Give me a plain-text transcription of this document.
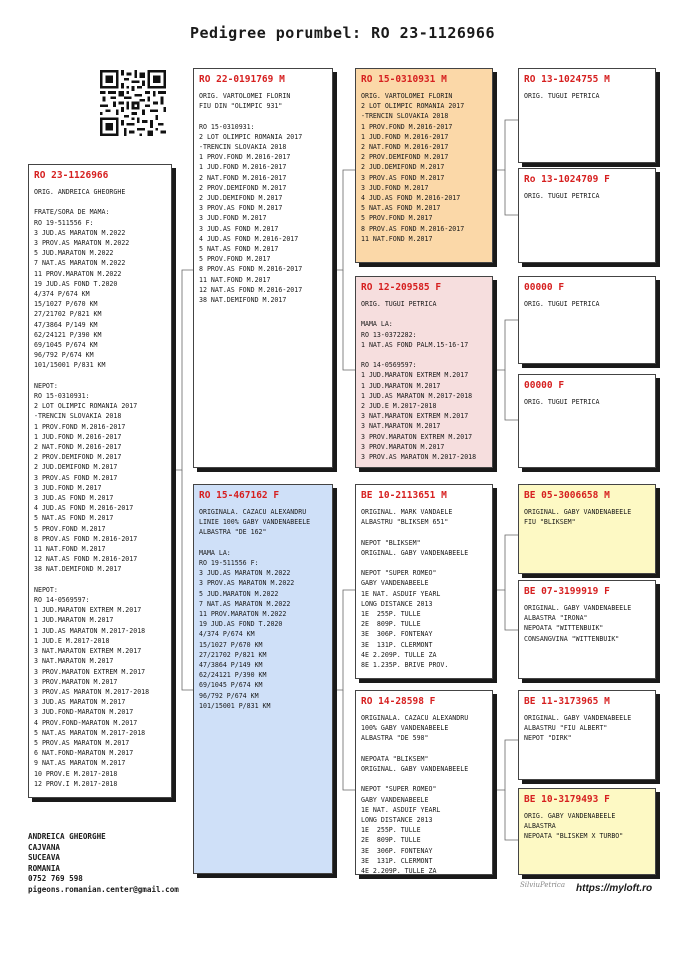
Pedigree porumbel: RO 23-1126966
RO 23-1126966
ORIG. ANDREICA GHEORGHE
FRATE/SORA DE MAMA:
RO 19-511556 F:
3 JUD.AS MARATON M.2022
3 PROV.AS MARATON M.2022
5 JUD.MARATON M.2022
7 NAT.AS MARATON M.2022
11 PROV.MARATON M.2022
19 JUD.AS FOND T.2020
4/374 P/674 KM
15/1027 P/670 KM
27/21702 P/821 KM
47/3864 P/149 KM
62/24121 P/390 KM
69/1045 P/674 KM
96/792 P/674 KM
101/15001 P/831 KM
NEPOT:
RO 15-0310931:
2 LOT OLIMPIC ROMANIA 2017
-TRENCIN SLOVAKIA 2018
1 PROV.FOND M.2016-2017
1 JUD.FOND M.2016-2017
2 NAT.FOND M.2016-2017
2 PROV.DEMIFOND M.2017
2 JUD.DEMIFOND M.2017
3 PROV.AS FOND M.2017
3 JUD.FOND M.2017
3 JUD.AS FOND M.2017
4 JUD.AS FOND M.2016-2017
5 NAT.AS FOND M.2017
5 PROV.FOND M.2017
8 PROV.AS FOND M.2016-2017
11 NAT.FOND M.2017
12 NAT.AS FOND M.2016-2017
38 NAT.DEMIFOND M.2017
NEPOT:
RO 14-0569597:
1 JUD.MARATON EXTREM M.2017
1 JUD.MARATON M.2017
1 JUD.AS MARATON M.2017-2018
1 JUD.E M.2017-2018
3 NAT.MARATON EXTREM M.2017
3 NAT.MARATON M.2017
3 PROV.MARATON EXTREM M.2017
3 PROV.MARATON M.2017
3 PROV.AS MARATON M.2017-2018
3 JUD.AS MARATON M.2017
3 JUD.FOND-MARATON M.2017
4 PROV.FOND-MARATON M.2017
5 NAT.AS MARATON M.2017-2018
5 PROV.AS MARATON M.2017
6 NAT.FOND-MARATON M.2017
9 NAT.AS MARATON M.2017
10 PROV.E M.2017-2018
12 PROV.I M.2017-2018
RO 22-0191769 M
ORIG. VARTOLOMEI FLORIN
FIU DIN "OLIMPIC 931"
RO 15-0310931:
2 LOT OLIMPIC ROMANIA 2017
-TRENCIN SLOVAKIA 2018
1 PROV.FOND M.2016-2017
1 JUD.FOND M.2016-2017
2 NAT.FOND M.2016-2017
2 PROV.DEMIFOND M.2017
2 JUD.DEMIFOND M.2017
3 PROV.AS FOND M.2017
3 JUD.FOND M.2017
3 JUD.AS FOND M.2017
4 JUD.AS FOND M.2016-2017
5 NAT.AS FOND M.2017
5 PROV.FOND M.2017
8 PROV.AS FOND M.2016-2017
11 NAT.FOND M.2017
12 NAT.AS FOND M.2016-2017
38 NAT.DEMIFOND M.2017
RO 15-467162 F
ORIGINALA. CAZACU ALEXANDRU
LINIE 100% GABY VANDENABEELE
ALBASTRA "DE 162"
MAMA LA:
RO 19-511556 F:
3 JUD.AS MARATON M.2022
3 PROV.AS MARATON M.2022
5 JUD.MARATON M.2022
7 NAT.AS MARATON M.2022
11 PROV.MARATON M.2022
19 JUD.AS FOND T.2020
4/374 P/674 KM
15/1027 P/670 KM
27/21702 P/821 KM
47/3864 P/149 KM
62/24121 P/390 KM
69/1045 P/674 KM
96/792 P/674 KM
101/15001 P/831 KM
RO 15-0310931 M
ORIG. VARTOLOMEI FLORIN
2 LOT OLIMPIC ROMANIA 2017
-TRENCIN SLOVAKIA 2018
1 PROV.FOND M.2016-2017
1 JUD.FOND M.2016-2017
2 NAT.FOND M.2016-2017
2 PROV.DEMIFOND M.2017
2 JUD.DEMIFOND M.2017
3 PROV.AS FOND M.2017
3 JUD.FOND M.2017
4 JUD.AS FOND M.2016-2017
5 NAT.AS FOND M.2017
5 PROV.FOND M.2017
8 PROV.AS FOND M.2016-2017
11 NAT.FOND M.2017
RO 12-209585 F
ORIG. TUGUI PETRICA
MAMA LA:
RO 13-0372282:
1 NAT.AS FOND PALM.15-16-17
RO 14-0569597:
1 JUD.MARATON EXTREM M.2017
1 JUD.MARATON M.2017
1 JUD.AS MARATON M.2017-2018
2 JUD.E M.2017-2018
3 NAT.MARATON EXTREM M.2017
3 NAT.MARATON M.2017
3 PROV.MARATON EXTREM M.2017
3 PROV.MARATON M.2017
3 PROV.AS MARATON M.2017-2018
BE 10-2113651 M
ORIGINAL. MARK VANDAELE
ALBASTRU "BLIKSEM 651"
NEPOT "BLIKSEM"
ORIGINAL. GABY VANDENABEELE
NEPOT "SUPER ROMEO"
GABY VANDENABEELE
1E NAT. ASDUIF YEARL
LONG DISTANCE 2013
1E  255P. TULLE
2E  809P. TULLE
3E  306P. FONTENAY
3E  131P. CLERMONT
4E 2.209P. TULLE ZA
8E 1.235P. BRIVE PROV.
RO 14-28598 F
ORIGINALA. CAZACU ALEXANDRU
100% GABY VANDENABEELE
ALBASTRA "DE 598"
NEPOATA "BLIKSEM"
ORIGINAL. GABY VANDENABEELE
NEPOT "SUPER ROMEO"
GABY VANDENABEELE
1E NAT. ASDUIF YEARL
LONG DISTANCE 2013
1E  255P. TULLE
2E  809P. TULLE
3E  306P. FONTENAY
3E  131P. CLERMONT
4E 2.209P. TULLE ZA
RO 13-1024755 M
ORIG. TUGUI PETRICA
Ro 13-1024709 F
ORIG. TUGUI PETRICA
00000 F
ORIG. TUGUI PETRICA
00000 F
ORIG. TUGUI PETRICA
BE 05-3006658 M
ORIGINAL. GABY VANDENABEELE
FIU "BLIKSEM"
BE 07-3199919 F
ORIGINAL. GABY VANDENABEELE
ALBASTRA "IRONA"
NEPOATA "WITTENBUIK"
CONSANGVINA "WITTENBUIK"
BE 11-3173965 M
ORIGINAL. GABY VANDENABEELE
ALBASTRU "FIU ALBERT"
NEPOT "DIRK"
BE 10-3179493 F
ORIG. GABY VANDENABEELE
ALBASTRA
NEPOATA "BLISKEM X TURBO"
ANDREICA GHEORGHE
CAJVANA
SUCEAVA
ROMANIA
0752 769 598
pigeons.romanian.center@gmail.com	SilviuPetrica https://myloft.ro
